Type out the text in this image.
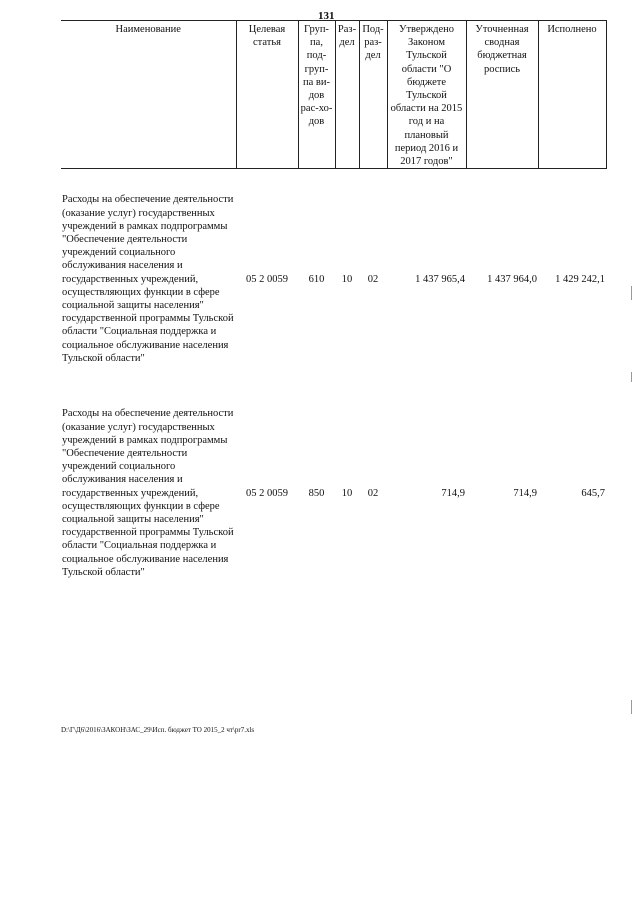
131
Наименование	Целевая статья	Груп-па, под-груп-па ви-дов рас-хо-дов	Раз-дел	Под-раз-дел	Утверждено Законом Тульской области "О бюджете Тульской области на 2015 год и на плановый период 2016 и 2017 годов"	Уточненная сводная бюджетная роспись	Исполнено

Расходы на обеспечение деятельности (оказание услуг) государственных учреждений в рамках подпрограммы "Обеспечение деятельности учреждений социального обслуживания населения и государственных учреждений, осуществляющих функции в сфере социальной защиты населения" государственной программы Тульской области "Социальная поддержка и социальное обслуживание населения Тульской области"	05 2 0059	610	10	02	1 437 965,4	1 437 964,0	1 429 242,1

Расходы на обеспечение деятельности (оказание услуг) государственных учреждений в рамках подпрограммы "Обеспечение деятельности учреждений социального обслуживания населения и государственных учреждений, осуществляющих функции в сфере социальной защиты населения" государственной программы Тульской области "Социальная поддержка и социальное обслуживание населения Тульской области"	05 2 0059	850	10	02	714,9	714,9	645,7
D:\Г\Д6\2016\ЗАКОН\ЗАС_29\Исп. бюджет ТО 2015_2 чт\pr7.xls
